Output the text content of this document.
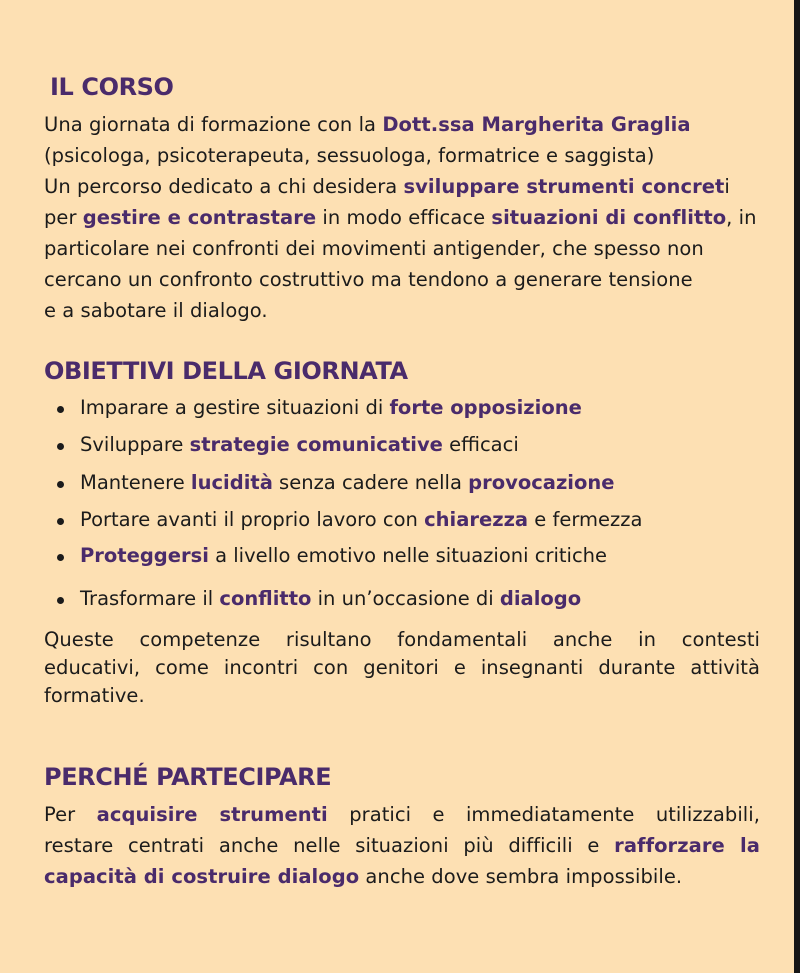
IL CORSO
Una giornata di formazione con la Dott.ssa Margherita Graglia
(psicologa, psicoterapeuta, sessuologa, formatrice e saggista)
Un percorso dedicato a chi desidera sviluppare strumenti concreti
per gestire e contrastare in modo efficace situazioni di conflitto, in
particolare nei confronti dei movimenti antigender, che spesso non
cercano un confronto costruttivo ma tendono a generare tensione
e a sabotare il dialogo.
OBIETTIVI DELLA GIORNATA
Imparare a gestire situazioni di forte opposizione
Sviluppare strategie comunicative efficaci
Mantenere lucidità senza cadere nella provocazione
Portare avanti il proprio lavoro con chiarezza e fermezza
Proteggersi a livello emotivo nelle situazioni critiche
Trasformare il conflitto in un’occasione di dialogo
Queste competenze risultano fondamentali anche in contesti
educativi, come incontri con genitori e insegnanti durante attività
formative.
PERCHÉ PARTECIPARE
Per acquisire strumenti pratici e immediatamente utilizzabili,
restare centrati anche nelle situazioni più difficili e rafforzare la
capacità di costruire dialogo anche dove sembra impossibile.
